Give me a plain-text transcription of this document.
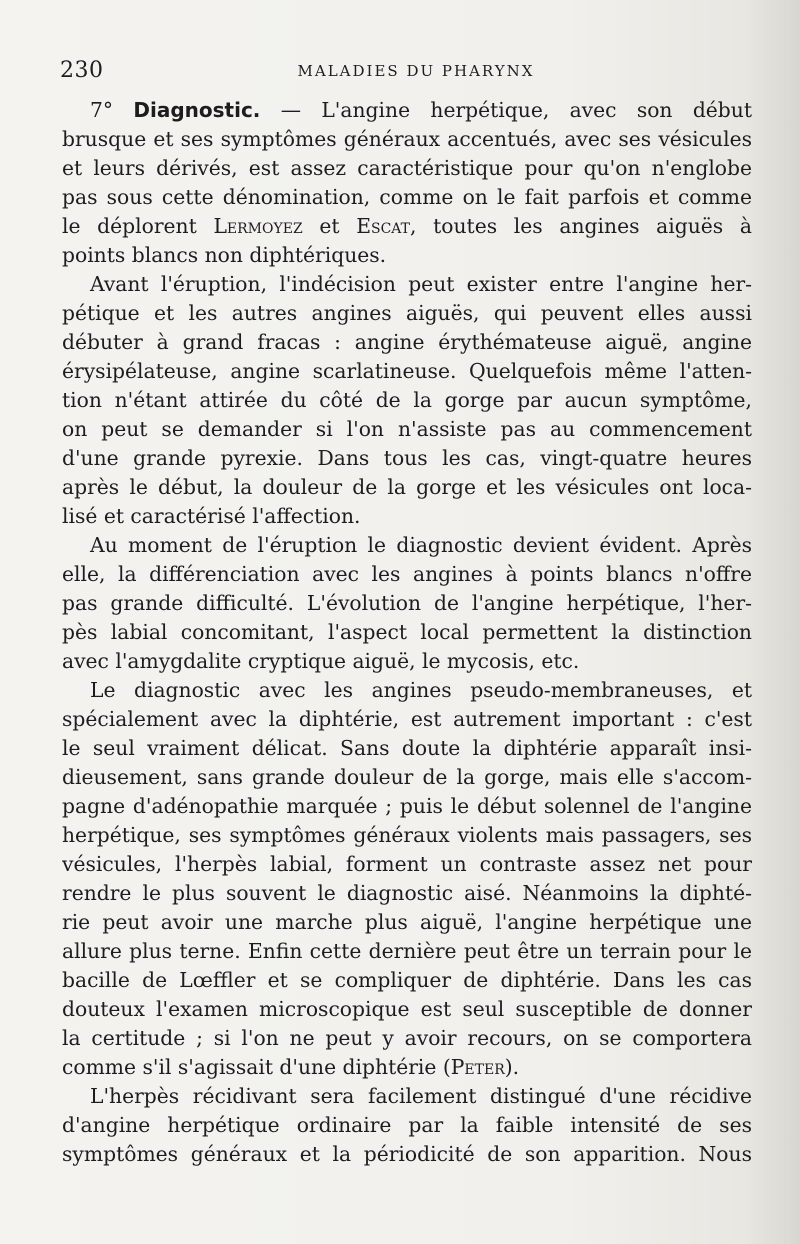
230	MALADIES DU PHARYNX
7° Diagnostic. — L'angine herpétique, avec son début
brusque et ses symptômes généraux accentués, avec ses vésicules
et leurs dérivés, est assez caractéristique pour qu'on n'englobe
pas sous cette dénomination, comme on le fait parfois et comme
le déplorent Lermoyez et Escat, toutes les angines aiguës à
points blancs non diphtériques.
Avant l'éruption, l'indécision peut exister entre l'angine her-
pétique et les autres angines aiguës, qui peuvent elles aussi
débuter à grand fracas : angine érythémateuse aiguë, angine
érysipélateuse, angine scarlatineuse. Quelquefois même l'atten-
tion n'étant attirée du côté de la gorge par aucun symptôme,
on peut se demander si l'on n'assiste pas au commencement
d'une grande pyrexie. Dans tous les cas, vingt-quatre heures
après le début, la douleur de la gorge et les vésicules ont loca-
lisé et caractérisé l'affection.
Au moment de l'éruption le diagnostic devient évident. Après
elle, la différenciation avec les angines à points blancs n'offre
pas grande difficulté. L'évolution de l'angine herpétique, l'her-
pès labial concomitant, l'aspect local permettent la distinction
avec l'amygdalite cryptique aiguë, le mycosis, etc.
Le diagnostic avec les angines pseudo-membraneuses, et
spécialement avec la diphtérie, est autrement important : c'est
le seul vraiment délicat. Sans doute la diphtérie apparaît insi-
dieusement, sans grande douleur de la gorge, mais elle s'accom-
pagne d'adénopathie marquée ; puis le début solennel de l'angine
herpétique, ses symptômes généraux violents mais passagers, ses
vésicules, l'herpès labial, forment un contraste assez net pour
rendre le plus souvent le diagnostic aisé. Néanmoins la diphté-
rie peut avoir une marche plus aiguë, l'angine herpétique une
allure plus terne. Enfin cette dernière peut être un terrain pour le
bacille de Lœffler et se compliquer de diphtérie. Dans les cas
douteux l'examen microscopique est seul susceptible de donner
la certitude ; si l'on ne peut y avoir recours, on se comportera
comme s'il s'agissait d'une diphtérie (Peter).
L'herpès récidivant sera facilement distingué d'une récidive
d'angine herpétique ordinaire par la faible intensité de ses
symptômes généraux et la périodicité de son apparition. Nous
